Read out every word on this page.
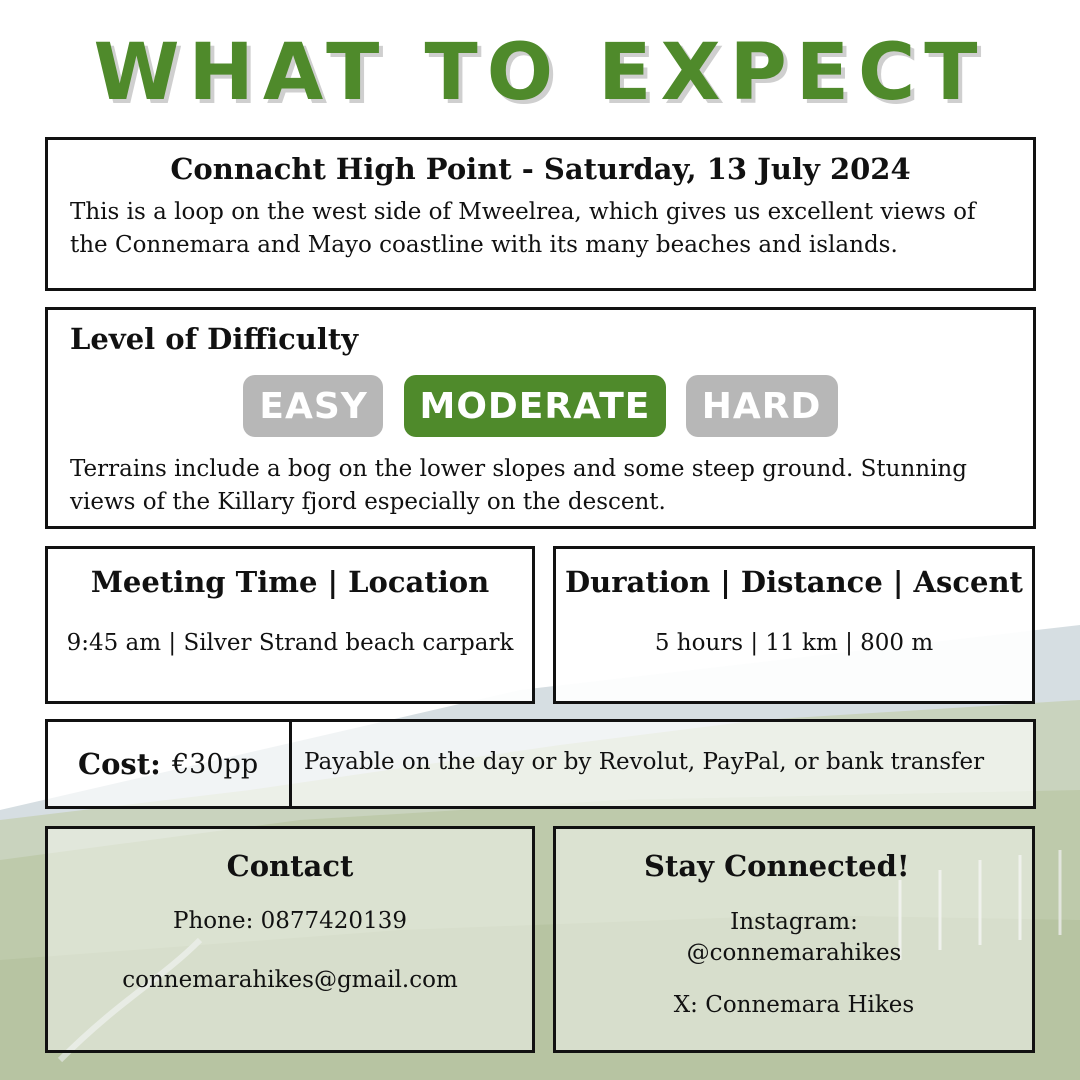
WHAT TO EXPECT
Connacht High Point - Saturday, 13 July 2024
This is a loop on the west side of Mweelrea, which gives us excellent views of the Connemara and Mayo coastline with its many beaches and islands.
Level of Difficulty
EASY MODERATE HARD
Terrains include a bog on the lower slopes and some steep ground. Stunning views of the Killary fjord especially on the descent.
Meeting Time | Location
9:45 am | Silver Strand beach carpark
Duration | Distance | Ascent
5 hours | 11 km | 800 m
Cost: €30pp Payable on the day or by Revolut, PayPal, or bank transfer
Contact
Phone: 0877420139
connemarahikes@gmail.com
Stay Connected!
Instagram:
@connemarahikes
X: Connemara Hikes
